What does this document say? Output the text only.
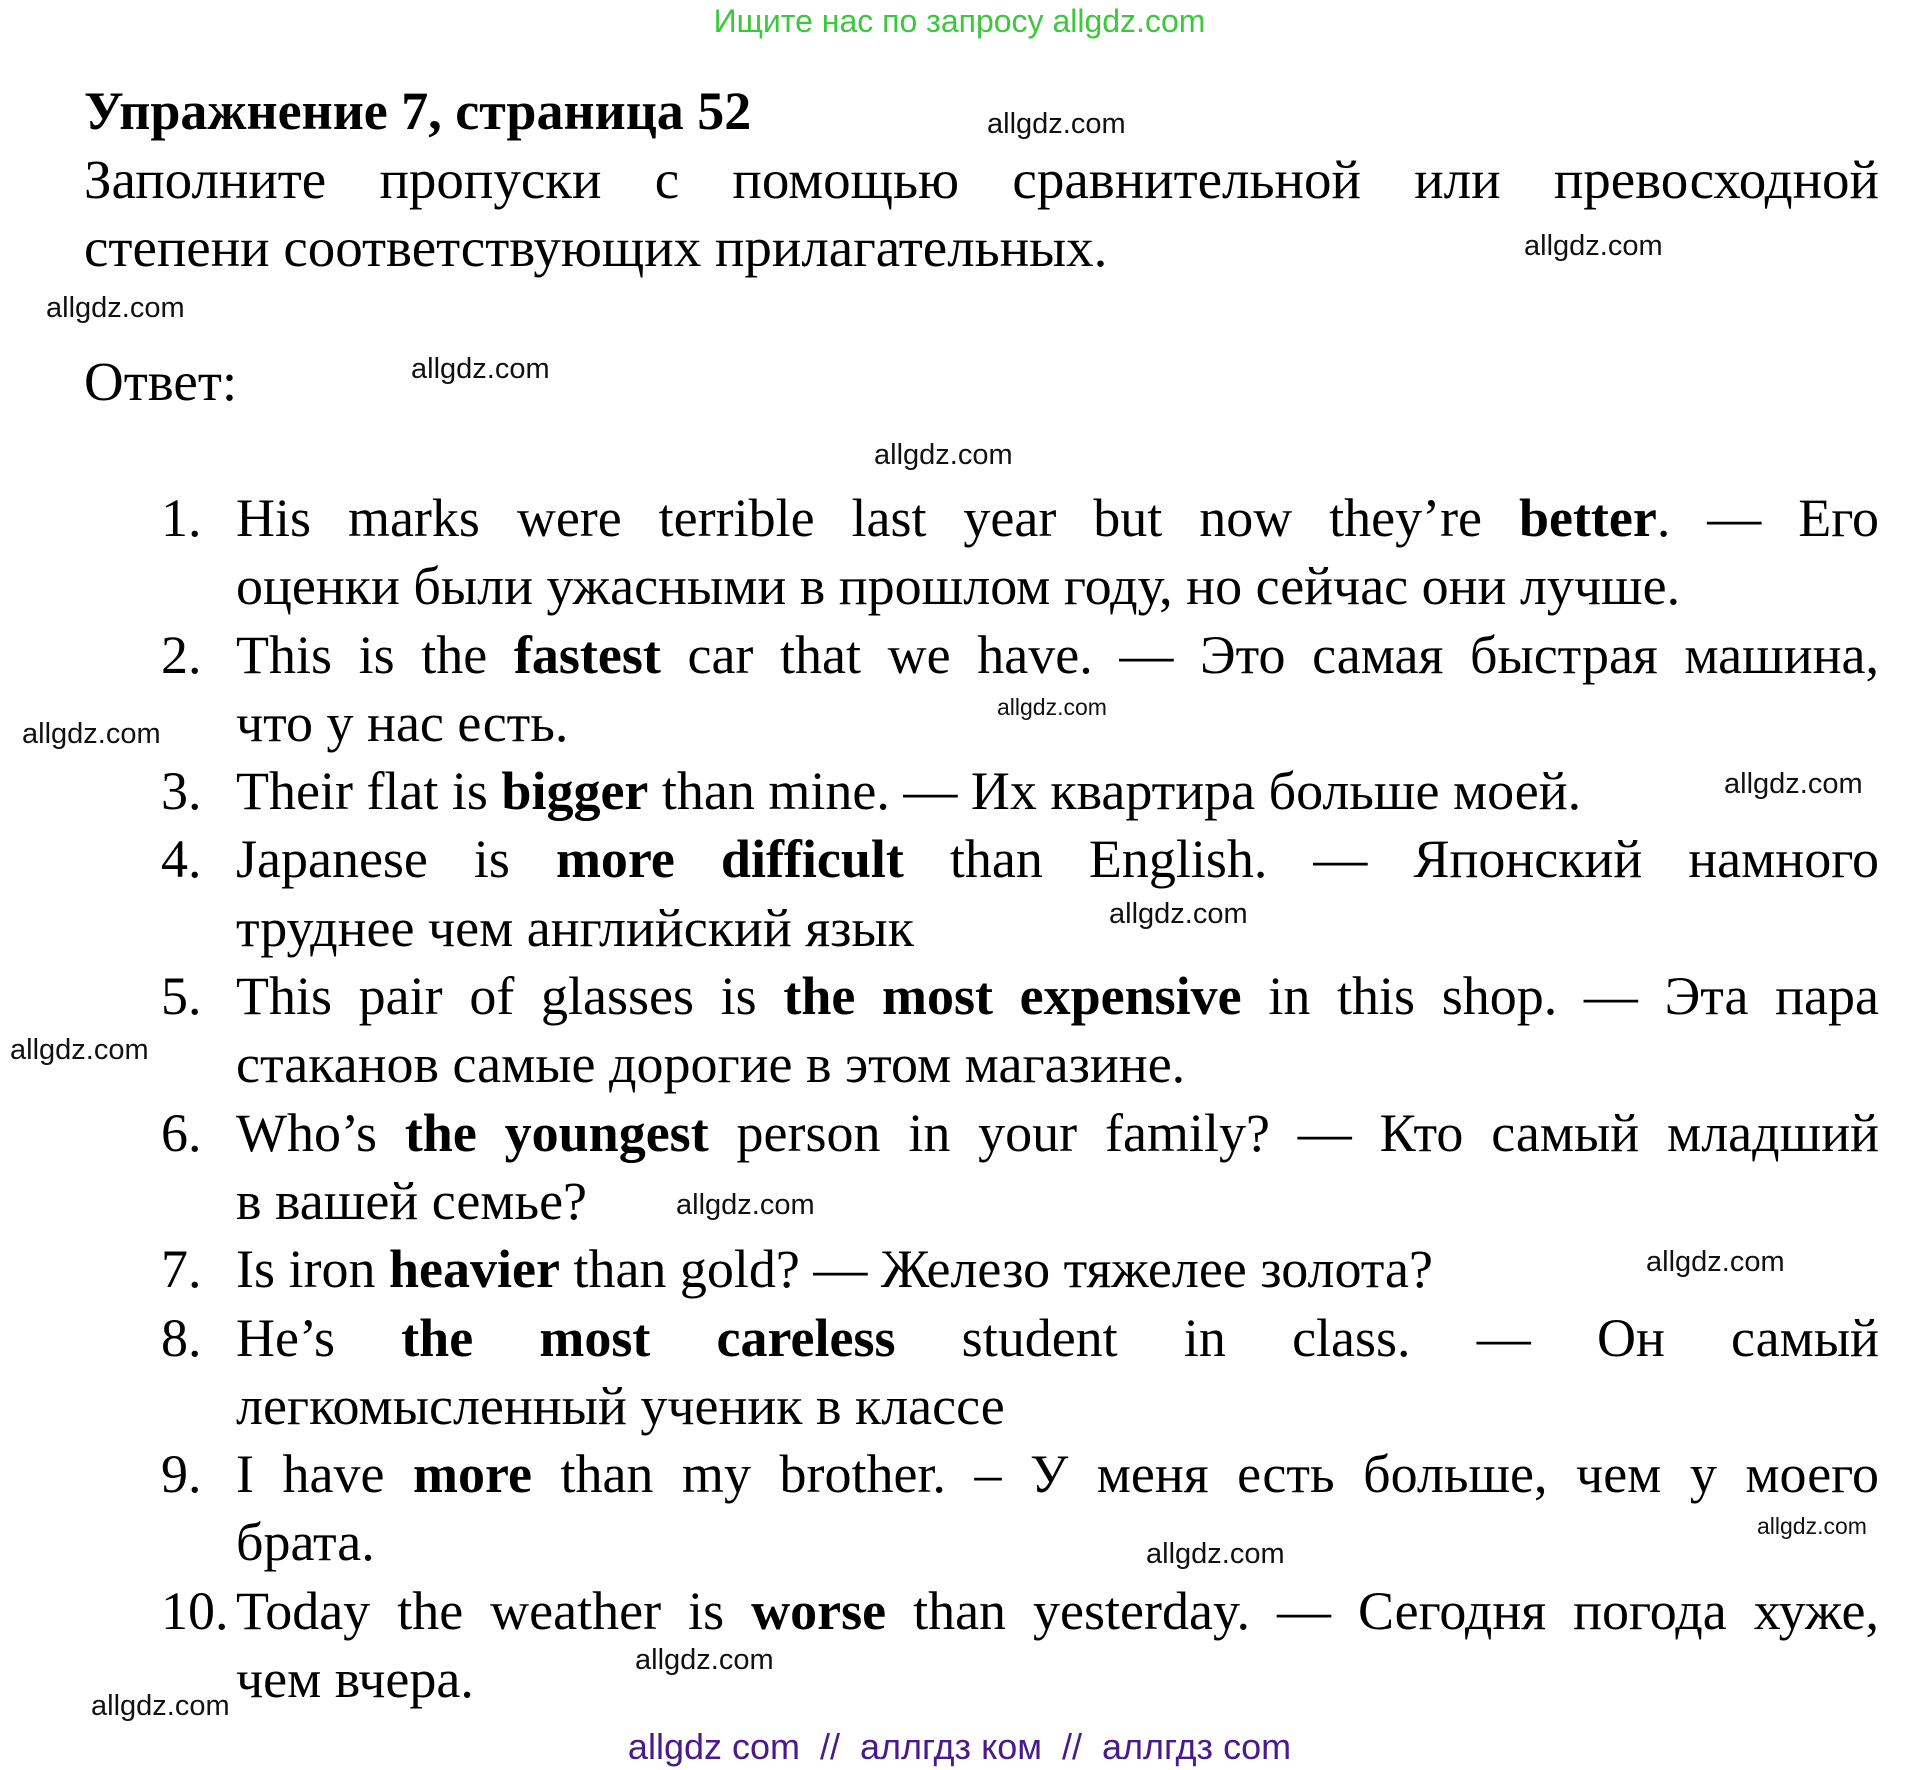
Ищите нас по запросу allgdz.com
Упражнение 7, страница 52
Заполните пропуски с помощью сравнительной или превосходной
степени соответствующих прилагательных.
Ответ:
1. His marks were terrible last year but now they’re better. — Его
оценки были ужасными в прошлом году, но сейчас они лучше.
2. This is the fastest car that we have. — Это самая быстрая машина,
что у нас есть.
3. Their flat is bigger than mine. — Их квартира больше моей.
4. Japanese is more difficult than English. — Японский намного
труднее чем английский язык
5. This pair of glasses is the most expensive in this shop. — Эта пара
стаканов самые дорогие в этом магазине.
6. Who’s the youngest person in your family? — Кто самый младший
в вашей семье?
7. Is iron heavier than gold? — Железо тяжелее золота?
8. He’s the most careless student in class. — Он самый
легкомысленный ученик в классе
9. I have more than my brother. – У меня есть больше, чем у моего
брата.
10. Today the weather is worse than yesterday. — Сегодня погода хуже,
чем вчера.
allgdz.com
allgdz.com
allgdz.com
allgdz.com
allgdz.com
allgdz.com
allgdz.com
allgdz.com
allgdz.com
allgdz.com
allgdz.com
allgdz.com
allgdz.com
allgdz.com
allgdz.com
allgdz.com
allgdz com  //  аллгдз ком  //  аллгдз com
